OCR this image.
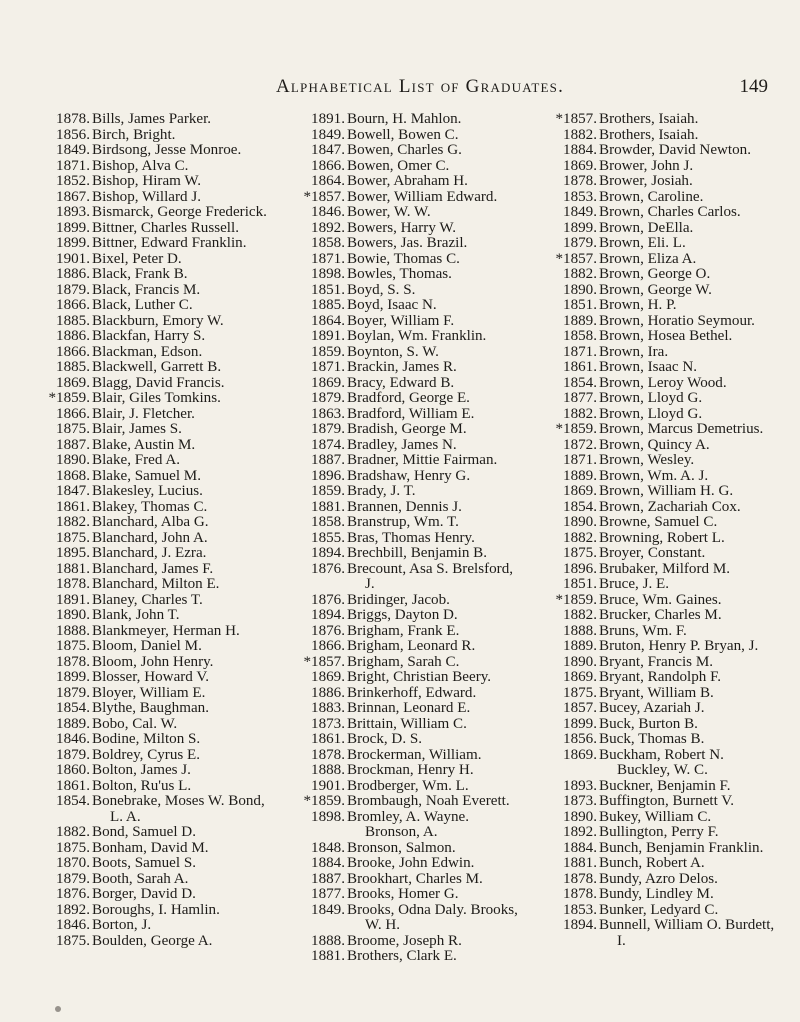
Alphabetical List of Graduates.	149
1878. Bills, James Parker.
1856. Birch, Bright.
1849. Birdsong, Jesse Monroe.
1871. Bishop, Alva C.
1852. Bishop, Hiram W.
1867. Bishop, Willard J.
1893. Bismarck, George Frederick.
1899. Bittner, Charles Russell.
1899. Bittner, Edward Franklin.
1901. Bixel, Peter D.
1886. Black, Frank B.
1879. Black, Francis M.
1866. Black, Luther C.
1885. Blackburn, Emory W.
1886. Blackfan, Harry S.
1866. Blackman, Edson.
1885. Blackwell, Garrett B.
1869. Blagg, David Francis.
*1859. Blair, Giles Tomkins.
1866. Blair, J. Fletcher.
1875. Blair, James S.
1887. Blake, Austin M.
1890. Blake, Fred A.
1868. Blake, Samuel M.
1847. Blakesley, Lucius.
1861. Blakey, Thomas C.
1882. Blanchard, Alba G.
1875. Blanchard, John A.
1895. Blanchard, J. Ezra.
1881. Blanchard, James F.
1878. Blanchard, Milton E.
1891. Blaney, Charles T.
1890. Blank, John T.
1888. Blankmeyer, Herman H.
1875. Bloom, Daniel M.
1878. Bloom, John Henry.
1899. Blosser, Howard V.
1879. Bloyer, William E.
1854. Blythe, Baughman.
1889. Bobo, Cal. W.
1846. Bodine, Milton S.
1879. Boldrey, Cyrus E.
1860. Bolton, James J.
1861. Bolton, Ru'us L.
1854. Bonebrake, Moses W. Bond, L. A.
1882. Bond, Samuel D.
1875. Bonham, David M.
1870. Boots, Samuel S.
1879. Booth, Sarah A.
1876. Borger, David D.
1892. Boroughs, I. Hamlin.
1846. Borton, J.
1875. Boulden, George A.
1891. Bourn, H. Mahlon.
1849. Bowell, Bowen C.
1847. Bowen, Charles G.
1866. Bowen, Omer C.
1864. Bower, Abraham H.
*1857. Bower, William Edward.
1846. Bower, W. W.
1892. Bowers, Harry W.
1858. Bowers, Jas. Brazil.
1871. Bowie, Thomas C.
1898. Bowles, Thomas.
1851. Boyd, S. S.
1885. Boyd, Isaac N.
1864. Boyer, William F.
1891. Boylan, Wm. Franklin.
1859. Boynton, S. W.
1871. Brackin, James R.
1869. Bracy, Edward B.
1879. Bradford, George E.
1863. Bradford, William E.
1879. Bradish, George M.
1874. Bradley, James N.
1887. Bradner, Mittie Fairman.
1896. Bradshaw, Henry G.
1859. Brady, J. T.
1881. Brannen, Dennis J.
1858. Branstrup, Wm. T.
1855. Bras, Thomas Henry.
1894. Brechbill, Benjamin B.
1876. Brecount, Asa S. Brelsford, J.
1876. Bridinger, Jacob.
1894. Briggs, Dayton D.
1876. Brigham, Frank E.
1866. Brigham, Leonard R.
*1857. Brigham, Sarah C.
1869. Bright, Christian Beery.
1886. Brinkerhoff, Edward.
1883. Brinnan, Leonard E.
1873. Brittain, William C.
1861. Brock, D. S.
1878. Brockerman, William.
1888. Brockman, Henry H.
1901. Brodberger, Wm. L.
*1859. Brombaugh, Noah Everett.
1898. Bromley, A. Wayne. Bronson, A.
1848. Bronson, Salmon.
1884. Brooke, John Edwin.
1887. Brookhart, Charles M.
1877. Brooks, Homer G.
1849. Brooks, Odna Daly. Brooks, W. H.
1888. Broome, Joseph R.
1881. Brothers, Clark E.
*1857. Brothers, Isaiah.
1882. Brothers, Isaiah.
1884. Browder, David Newton.
1869. Brower, John J.
1878. Brower, Josiah.
1853. Brown, Caroline.
1849. Brown, Charles Carlos.
1899. Brown, DeElla.
1879. Brown, Eli. L.
*1857. Brown, Eliza A.
1882. Brown, George O.
1890. Brown, George W.
1851. Brown, H. P.
1889. Brown, Horatio Seymour.
1858. Brown, Hosea Bethel.
1871. Brown, Ira.
1861. Brown, Isaac N.
1854. Brown, Leroy Wood.
1877. Brown, Lloyd G.
1882. Brown, Lloyd G.
*1859. Brown, Marcus Demetrius.
1872. Brown, Quincy A.
1871. Brown, Wesley.
1889. Brown, Wm. A. J.
1869. Brown, William H. G.
1854. Brown, Zachariah Cox.
1890. Browne, Samuel C.
1882. Browning, Robert L.
1875. Broyer, Constant.
1896. Brubaker, Milford M.
1851. Bruce, J. E.
*1859. Bruce, Wm. Gaines.
1882. Brucker, Charles M.
1888. Bruns, Wm. F.
1889. Bruton, Henry P. Bryan, J.
1890. Bryant, Francis M.
1869. Bryant, Randolph F.
1875. Bryant, William B.
1857. Bucey, Azariah J.
1899. Buck, Burton B.
1856. Buck, Thomas B.
1869. Buckham, Robert N. Buckley, W. C.
1893. Buckner, Benjamin F.
1873. Buffington, Burnett V.
1890. Bukey, William C.
1892. Bullington, Perry F.
1884. Bunch, Benjamin Franklin.
1881. Bunch, Robert A.
1878. Bundy, Azro Delos.
1878. Bundy, Lindley M.
1853. Bunker, Ledyard C.
1894. Bunnell, William O. Burdett, I.
